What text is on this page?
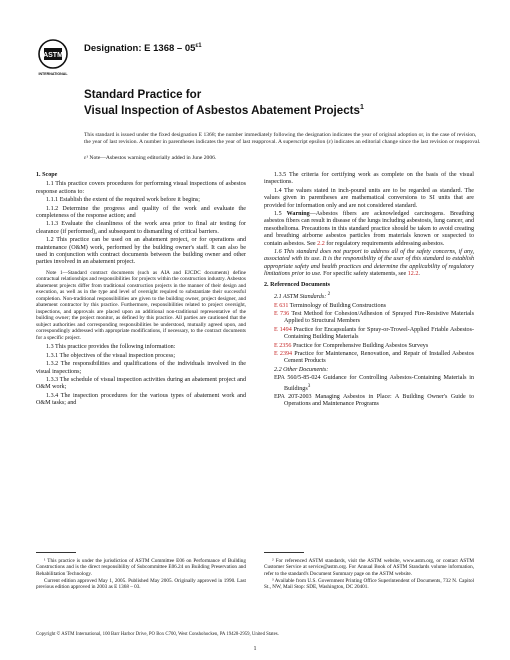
ASTM
INTERNATIONAL
Designation: E $1368 - 05^{\varepsilon 1}$
This standard is issued under the fixed designation E 1368; the number immediately following the designation indicates the year of original adoption or, in the case of revision, the year of last revision. A number in parentheses indicates the year of last reapproval. A superscript epsilon (ε) indicates an editorial change since the last revision or reapproval.
Standard Practice for
Visual Inspection of Asbestos Abatement Projects$^1$
ε¹ Note—Asbestos warning editorially added in June 2006.

1. Scope

1.1 This practice covers procedures for performing visual inspections of asbestos response actions to:

1.1.1 Establish the extent of the required work before it begins;

1.1.2 Determine the progress and quality of the work and evaluate the completeness of the response action; and

1.1.3 Evaluate the cleanliness of the work area prior to final air testing for clearance (if performed), and subsequent to dismantling of critical barriers.

1.2 This practice can be used on an abatement project, or for operations and maintenance (O&M) work, performed by the building owner's staff. It can also be used in conjunction with contract documents between the building owner and other parties involved in an abatement project.

Note 1—Standard contract documents (such as AIA and EJCDC documents) define contractual relationships and responsibilities for projects within the construction industry. Asbestos abatement projects differ from traditional construction projects in the manner of their design and execution, as well as in the type and level of oversight required to substantiate their successful completion. Non-traditional responsibilities are given to the building owner, project designer, and abatement contractor by this practice. Furthermore, responsibilities related to project oversight, inspections, and approvals are placed upon an additional non-traditional representative of the building owner; the project monitor, as defined by this practice. All parties are cautioned that the subject authorities and corresponding responsibilities be understood, mutually agreed upon, and correspondingly addressed with appropriate modifications, if necessary, to the contract documents for a specific project.

1.3 This practice provides the following information:

1.3.1 The objectives of the visual inspection process;

1.3.2 The responsibilities and qualifications of the individuals involved in the visual inspections;

1.3.3 The schedule of visual inspection activities during an abatement project and O&M work;

1.3.4 The inspection procedures for the various types of abatement work and O&M tasks; and

1.3.5 The criteria for certifying work as complete on the basis of the visual inspections.

1.4 The values stated in inch-pound units are to be regarded as standard. The values given in parentheses are mathematical conversions to SI units that are provided for information only and are not considered standard.

1.5 Warning—Asbestos fibers are acknowledged carcinogens. Breathing asbestos fibers can result in disease of the lungs including asbestosis, lung cancer, and mesothelioma. Precautions in this standard practice should be taken to avoid creating and breathing airborne asbestos particles from materials known or suspected to contain asbestos. See 2.2 for regulatory requirements addressing asbestos.

1.6 This standard does not purport to address all of the safety concerns, if any, associated with its use. It is the responsibility of the user of this standard to establish appropriate safety and health practices and determine the applicability of regulatory limitations prior to use. For specific safety statements, see 12.2.

2. Referenced Documents

2.1 ASTM Standards: $^2$

E 631 Terminology of Building Constructions

E 736 Test Method for Cohesion/Adhesion of Sprayed Fire-Resistive Materials Applied to Structural Members

E 1494 Practice for Encapsulants for Spray-or-Trowel-Applied Friable Asbestos-Containing Building Materials

E 2356 Practice for Comprehensive Building Asbestos Surveys

E 2394 Practice for Maintenance, Renovation, and Repair of Installed Asbestos Cement Products

2.2 Other Documents:

EPA 560/5-85-024 Guidance for Controlling Asbestos-Containing Materials in Buildings$^3$

EPA 20T-2003 Managing Asbestos in Place: A Building Owner's Guide to Operations and Maintenance Programs

¹ This practice is under the jurisdiction of ASTM Committee E06 on Performance of Building Constructions and is the direct responsibility of Subcommittee E06.24 on Building Preservation and Rehabilitation Technology.

Current edition approved May 1, 2005. Published May 2005. Originally approved in 1990. Last previous edition approved in 2003 as E 1368 – 03.

² For referenced ASTM standards, visit the ASTM website, www.astm.org, or contact ASTM Customer Service at service@astm.org. For Annual Book of ASTM Standards volume information, refer to the standard's Document Summary page on the ASTM website.

³ Available from U.S. Government Printing Office Superintendent of Documents, 732 N. Capitol St., NW, Mail Stop: SDE, Washington, DC 20401.

Copyright © ASTM International, 100 Barr Harbor Drive, PO Box C700, West Conshohocken, PA 19428-2959, United States.
1
